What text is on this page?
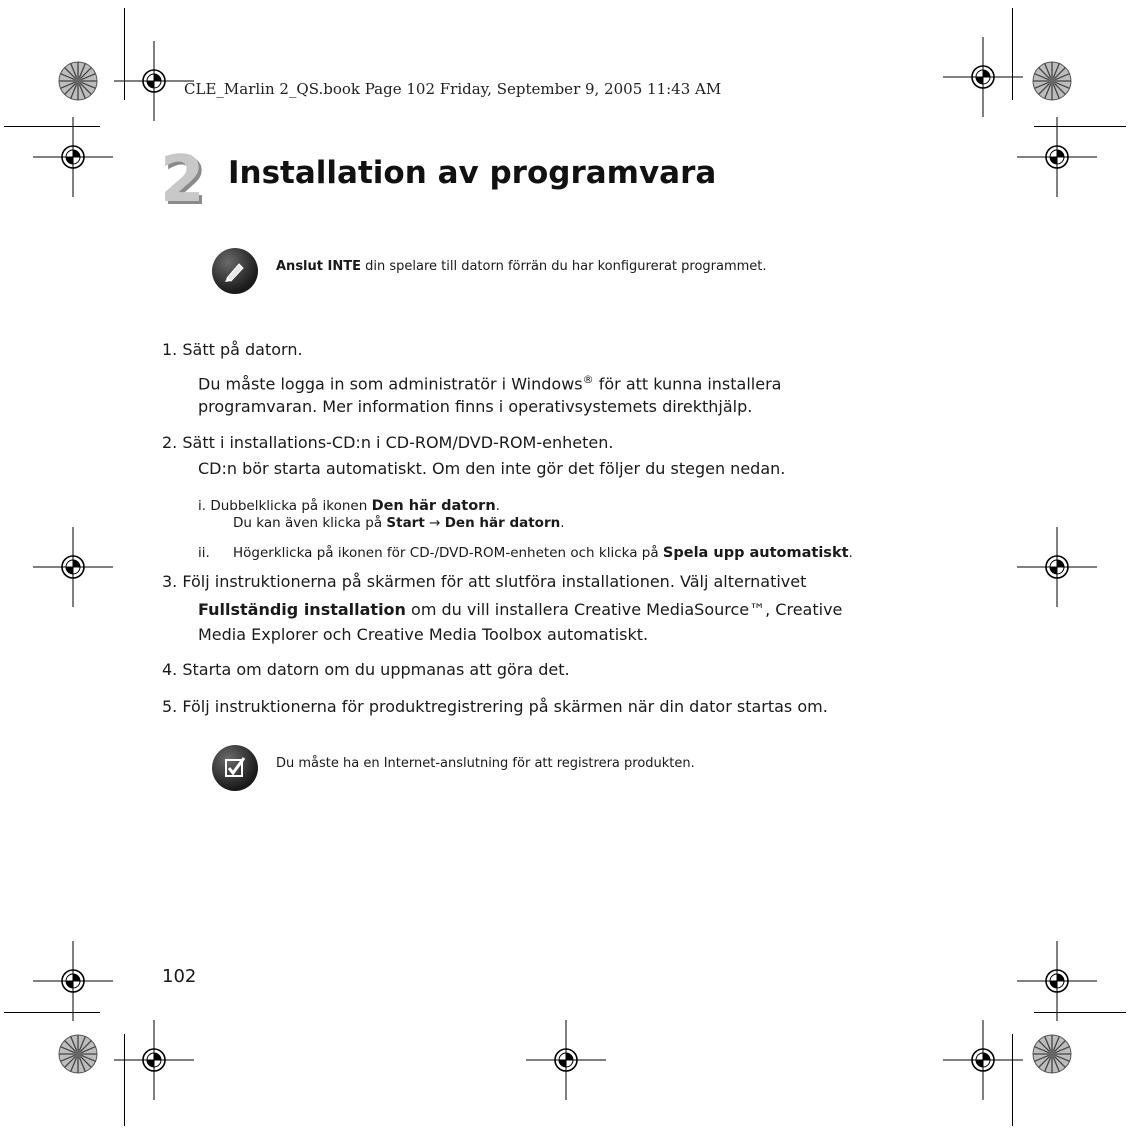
CLE_Marlin 2_QS.book Page 102 Friday, September 9, 2005 11:43 AM
2 Installation av programvara
Anslut INTE din spelare till datorn förrän du har konfigurerat programmet.
1. Sätt på datorn.
Du måste logga in som administratör i Windows® för att kunna installera
programvaran. Mer information finns i operativsystemets direkthjälp.
2. Sätt i installations-CD:n i CD-ROM/DVD-ROM-enheten.
CD:n bör starta automatiskt. Om den inte gör det följer du stegen nedan.
i. Dubbelklicka på ikonen Den här datorn.
Du kan även klicka på Start → Den här datorn.
ii. Högerklicka på ikonen för CD-/DVD-ROM-enheten och klicka på Spela upp automatiskt.
3. Följ instruktionerna på skärmen för att slutföra installationen. Välj alternativet
Fullständig installation om du vill installera Creative MediaSource™, Creative
Media Explorer och Creative Media Toolbox automatiskt.
4. Starta om datorn om du uppmanas att göra det.
5. Följ instruktionerna för produktregistrering på skärmen när din dator startas om.
Du måste ha en Internet-anslutning för att registrera produkten.
102
